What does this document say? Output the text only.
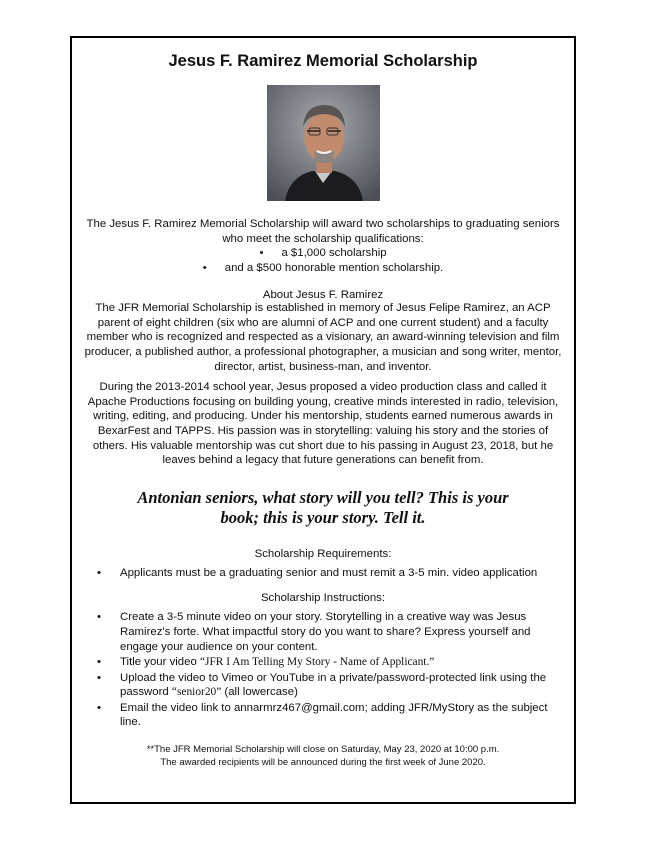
Jesus F. Ramirez Memorial Scholarship

The Jesus F. Ramirez Memorial Scholarship will award two scholarships to graduating seniors who meet the scholarship qualifications:

• a $1,000 scholarship
• and a $500 honorable mention scholarship.

About Jesus F. Ramirez

The JFR Memorial Scholarship is established in memory of Jesus Felipe Ramirez, an ACP parent of eight children (six who are alumni of ACP and one current student) and a faculty member who is recognized and respected as a visionary, an award-winning television and film producer, a published author, a professional photographer, a musician and song writer, mentor, director, artist, business-man, and inventor.

During the 2013-2014 school year, Jesus proposed a video production class and called it Apache Productions focusing on building young, creative minds interested in radio, television, writing, editing, and producing. Under his mentorship, students earned numerous awards in BexarFest and TAPPS. His passion was in storytelling: valuing his story and the stories of others. His valuable mentorship was cut short due to his passing in August 23, 2018, but he leaves behind a legacy that future generations can benefit from.

Antonian seniors, what story will you tell? This is your book; this is your story. Tell it.

Scholarship Requirements:

• Applicants must be a graduating senior and must remit a 3-5 min. video application

Scholarship Instructions:

• Create a 3-5 minute video on your story. Storytelling in a creative way was Jesus Ramirez's forte. What impactful story do you want to share? Express yourself and engage your audience on your content.
• Title your video “JFR I Am Telling My Story - Name of Applicant.”
• Upload the video to Vimeo or YouTube in a private/password-protected link using the password “senior20” (all lowercase)
• Email the video link to annarmrz467@gmail.com; adding JFR/MyStory as the subject line.
**The JFR Memorial Scholarship will close on Saturday, May 23, 2020 at 10:00 p.m.
The awarded recipients will be announced during the first week of June 2020.
